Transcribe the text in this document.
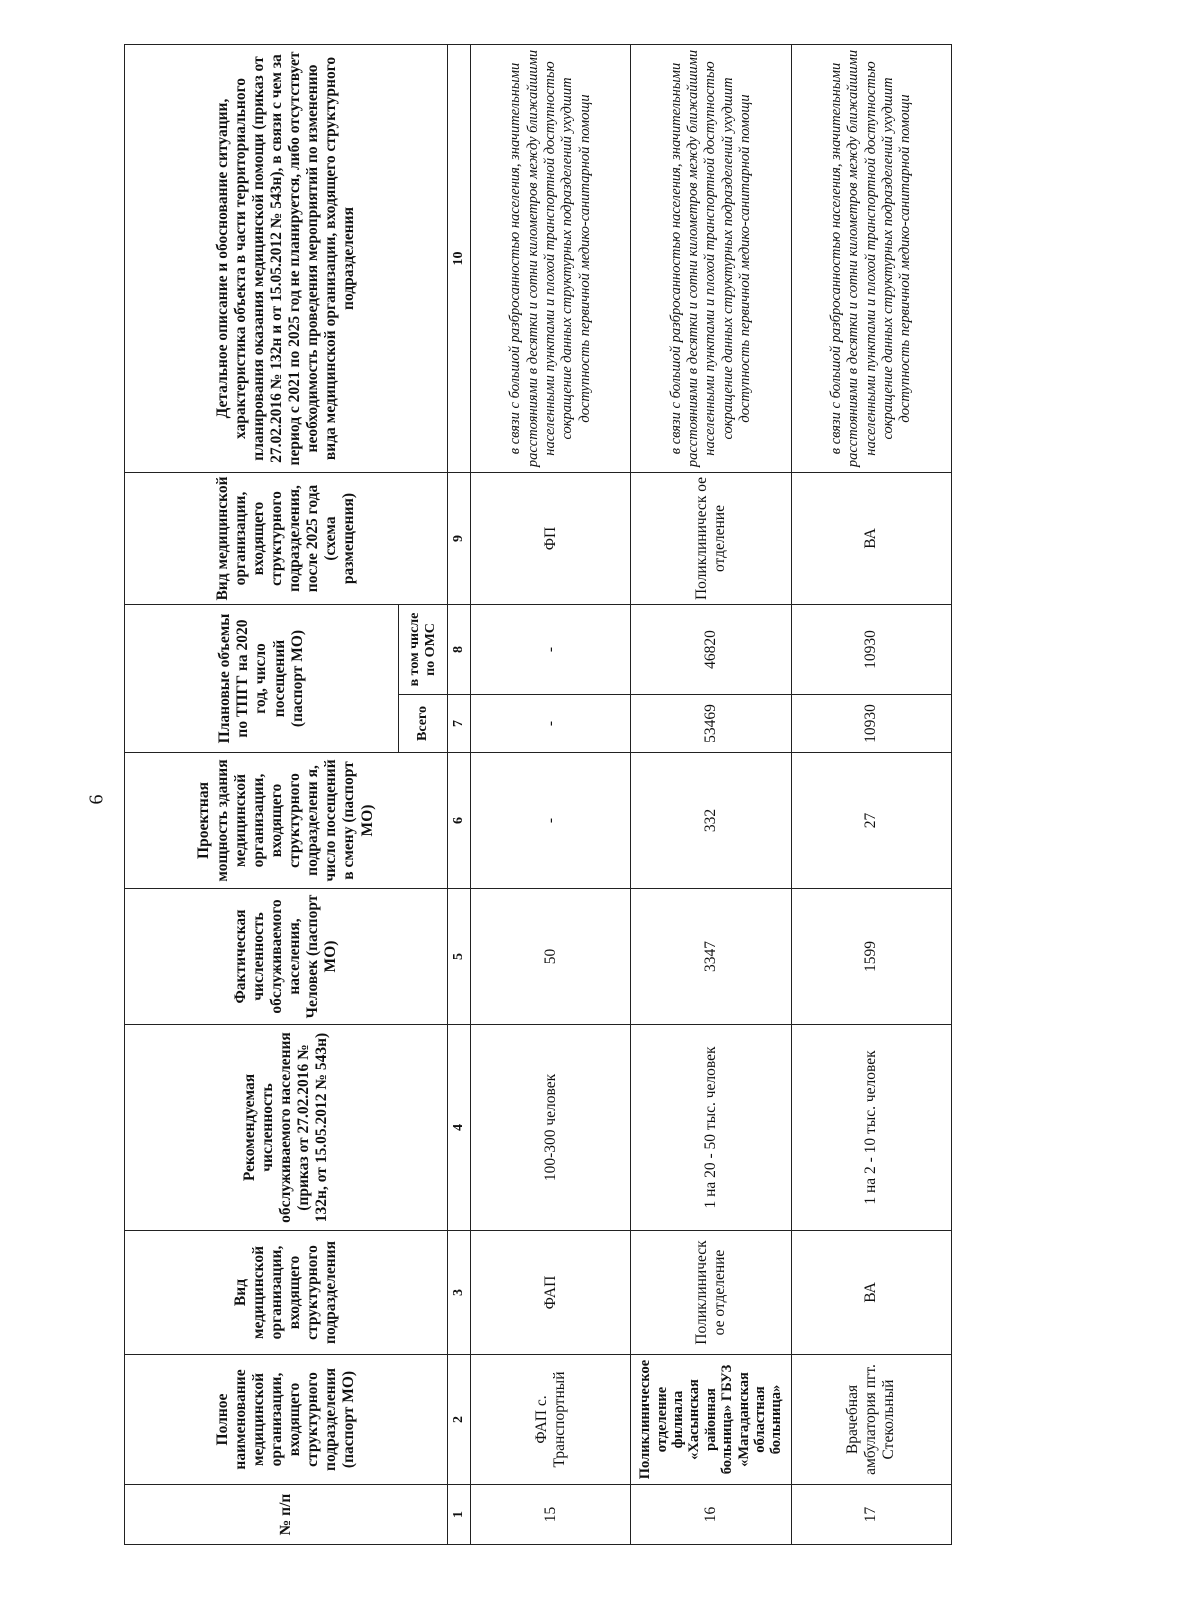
6
№ п/п	Полное наименование медицинской организации, входящего структурного подразделения (паспорт МО)	Вид медицинской организации, входящего структурного подразделения	Рекомендуемая численность обслуживаемого населения (приказ от 27.02.2016 № 132н, от 15.05.2012 № 543н)	Фактическая численность обслуживаемого населения, Человек (паспорт МО)	Проектная мощность здания медицинской организации, входящего структурного подразделени я, число посещений в смену (паспорт МО)	Плановые объемы по ТПГГ на 2020 год, число посещений (паспорт МО)		Вид медицинской организации, входящего структурного подразделения, после 2025 года (схема размещения)	Детальное описание и обоснование ситуации, характеристика объекта в части территориального планирования оказания медицинской помощи (приказ от 27.02.2016 № 132н и от 15.05.2012 № 543н), в связи с чем за период с 2021 по 2025 год не планируется, либо отсутствует необходимость проведения мероприятий по изменению вида медицинской организации, входящего структурного подразделения
						Всего	в том числе по ОМС		
1	2	3	4	5	6	7	8	9	10
15	ФАП с. Транспортный	ФАП	100-300 человек	50	-	-	-	ФП	в связи с большой разбросанностью населения, значительными расстояниями в десятки и сотни километров между ближайшими населенными пунктами и плохой транспортной доступностью сокращение данных структурных подразделений ухудшит доступность первичной медико-санитарной помощи
16	Поликлиническое отделение филиала «Хасынская районная больница» ГБУЗ «Магаданская областная больница»	Поликлиническ ое отделение	1 на 20 - 50 тыс. человек	3347	332	53469	46820	Поликлиническ ое отделение	в связи с большой разбросанностью населения, значительными расстояниями в десятки и сотни километров между ближайшими населенными пунктами и плохой транспортной доступностью сокращение данных структурных подразделений ухудшит доступность первичной медико-санитарной помощи
17	Врачебная амбулатория пгт. Стекольный	ВА	1 на 2 - 10 тыс. человек	1599	27	10930	10930	ВА	в связи с большой разбросанностью населения, значительными расстояниями в десятки и сотни километров между ближайшими населенными пунктами и плохой транспортной доступностью сокращение данных структурных подразделений ухудшит доступность первичной медико-санитарной помощи
